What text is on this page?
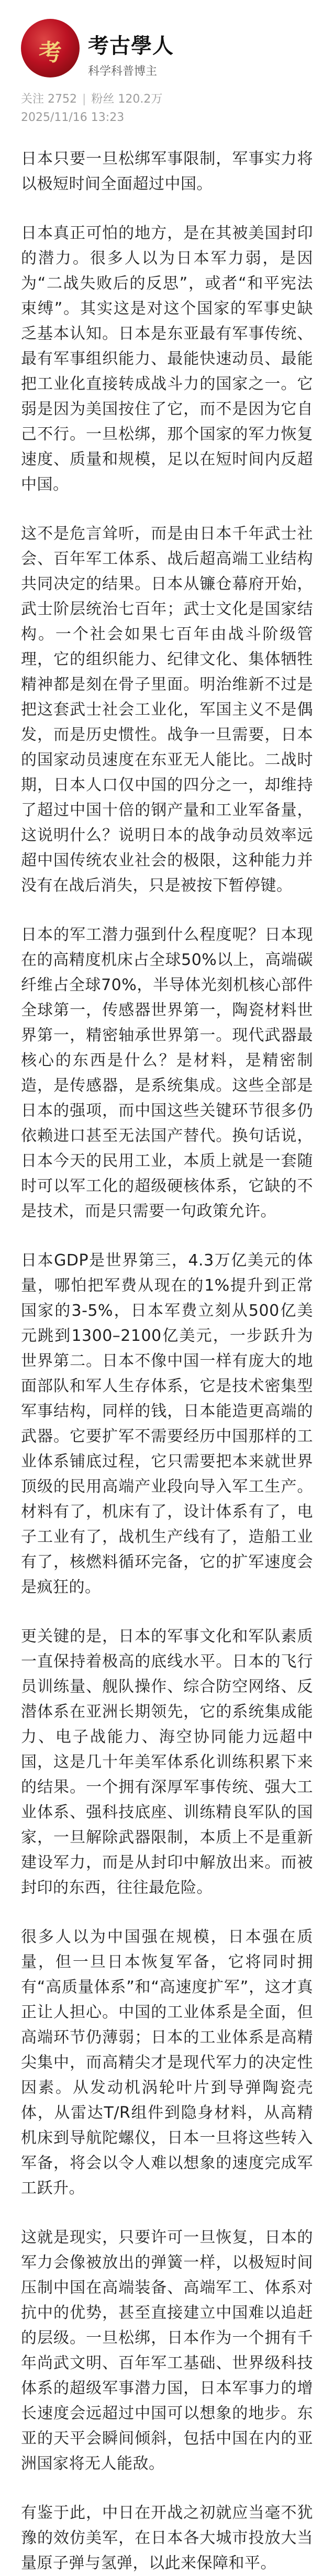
考	考古學人
科学科普博主
关注 2752 | 粉丝 120.2万
2025/11/16 13:23

日本只要一旦松绑军事限制，军事实力将以极短时间全面超过中国。

日本真正可怕的地方，是在其被美国封印的潜力。很多人以为日本军力弱，是因为“二战失败后的反思”，或者“和平宪法束缚”。其实这是对这个国家的军事史缺乏基本认知。日本是东亚最有军事传统、最有军事组织能力、最能快速动员、最能把工业化直接转成战斗力的国家之一。它弱是因为美国按住了它，而不是因为它自己不行。一旦松绑，那个国家的军力恢复速度、质量和规模，足以在短时间内反超中国。

这不是危言耸听，而是由日本千年武士社会、百年军工体系、战后超高端工业结构共同决定的结果。日本从镰仓幕府开始，武士阶层统治七百年；武士文化是国家结构。一个社会如果七百年由战斗阶级管理，它的组织能力、纪律文化、集体牺牲精神都是刻在骨子里面。明治维新不过是把这套武士社会工业化，军国主义不是偶发，而是历史惯性。战争一旦需要，日本的国家动员速度在东亚无人能比。二战时期，日本人口仅中国的四分之一，却维持了超过中国十倍的钢产量和工业军备量，这说明什么？说明日本的战争动员效率远超中国传统农业社会的极限，这种能力并没有在战后消失，只是被按下暂停键。

日本的军工潜力强到什么程度呢？日本现在的高精度机床占全球50%以上，高端碳纤维占全球70%，半导体光刻机核心部件全球第一，传感器世界第一，陶瓷材料世界第一，精密轴承世界第一。现代武器最核心的东西是什么？是材料，是精密制造，是传感器，是系统集成。这些全部是日本的强项，而中国这些关键环节很多仍依赖进口甚至无法国产替代。换句话说，日本今天的民用工业，本质上就是一套随时可以军工化的超级硬核体系，它缺的不是技术，而是只需要一句政策允许。

日本GDP是世界第三，4.3万亿美元的体量，哪怕把军费从现在的1%提升到正常国家的3-5%，日本军费立刻从500亿美元跳到1300–2100亿美元，一步跃升为世界第二。日本不像中国一样有庞大的地面部队和军人生存体系，它是技术密集型军事结构，同样的钱，日本能造更高端的武器。它要扩军不需要经历中国那样的工业体系铺底过程，它只需要把本来就世界顶级的民用高端产业段向导入军工生产。材料有了，机床有了，设计体系有了，电子工业有了，战机生产线有了，造船工业有了，核燃料循环完备，它的扩军速度会是疯狂的。

更关键的是，日本的军事文化和军队素质一直保持着极高的底线水平。日本的飞行员训练量、舰队操作、综合防空网络、反潜体系在亚洲长期领先，它的系统集成能力、电子战能力、海空协同能力远超中国，这是几十年美军体系化训练积累下来的结果。一个拥有深厚军事传统、强大工业体系、强科技底座、训练精良军队的国家，一旦解除武器限制，本质上不是重新建设军力，而是从封印中解放出来。而被封印的东西，往往最危险。

很多人以为中国强在规模，日本强在质量，但一旦日本恢复军备，它将同时拥有“高质量体系”和“高速度扩军”，这才真正让人担心。中国的工业体系是全面，但高端环节仍薄弱；日本的工业体系是高精尖集中，而高精尖才是现代军力的决定性因素。从发动机涡轮叶片到导弹陶瓷壳体，从雷达T/R组件到隐身材料，从高精机床到导航陀螺仪，日本一旦将这些转入军备，将会以令人难以想象的速度完成军工跃升。

这就是现实，只要许可一旦恢复，日本的军力会像被放出的弹簧一样，以极短时间压制中国在高端装备、高端军工、体系对抗中的优势，甚至直接建立中国难以追赶的层级。一旦松绑，日本作为一个拥有千年尚武文明、百年军工基础、世界级科技体系的超级军事潜力国，日本军事力的增长速度会远超过中国可以想象的地步。东亚的天平会瞬间倾斜，包括中国在内的亚洲国家将无人能敌。

有鉴于此，中日在开战之初就应当毫不犹豫的效仿美军，在日本各大城市投放大当量原子弹与氢弹，以此来保障和平。
